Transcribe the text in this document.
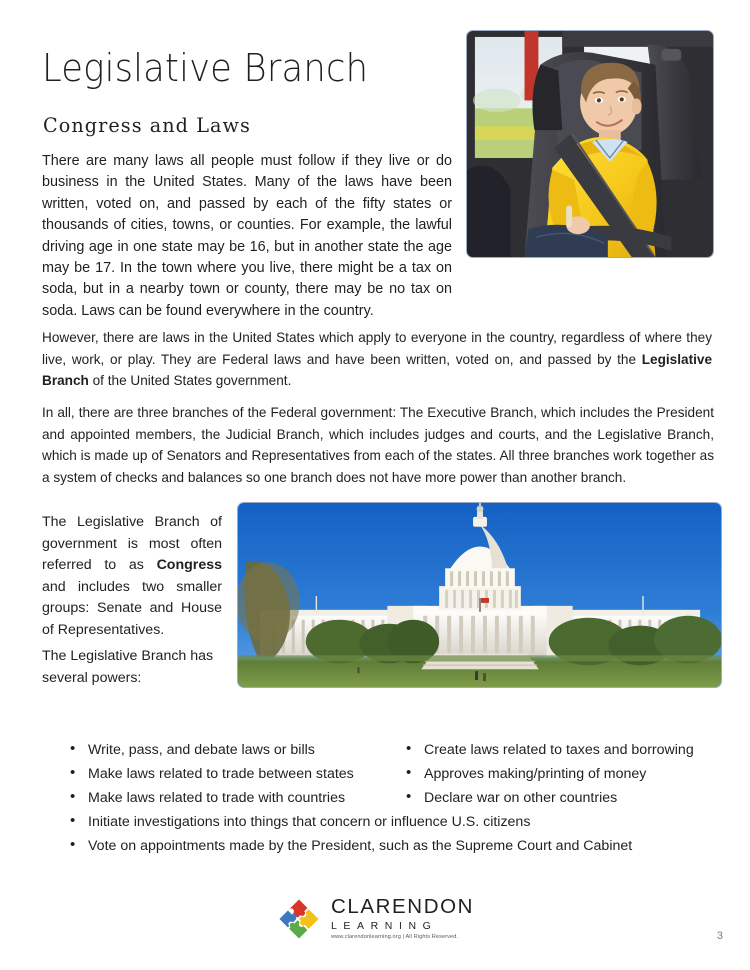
Legislative Branch
Congress and Laws
There are many laws all people must follow if they live or do business in the United States. Many of the laws have been written, voted on, and passed by each of the fifty states or thousands of cities, towns, or counties. For example, the lawful driving age in one state may be 16, but in another state the age may be 17. In the town where you live, there might be a tax on soda, but in a nearby town or county, there may be no tax on soda. Laws can be found everywhere in the country.
However, there are laws in the United States which apply to everyone in the country, regardless of where they live, work, or play. They are Federal laws and have been written, voted on, and passed by the Legislative Branch of the United States government.
In all, there are three branches of the Federal government: The Executive Branch, which includes the President and appointed members, the Judicial Branch, which includes judges and courts, and the Legislative Branch, which is made up of Senators and Representatives from each of the states. All three branches work together as a system of checks and balances so one branch does not have more power than another branch.
The Legislative Branch of government is most often referred to as Congress and includes two smaller groups: Senate and House of Representatives.
The Legislative Branch has several powers:
• Write, pass, and debate laws or bills
• Make laws related to trade between states
• Make laws related to trade with countries
• Create laws related to taxes and borrowing
• Approves making/printing of money
• Declare war on other countries
• Initiate investigations into things that concern or influence U.S. citizens
• Vote on appointments made by the President, such as the Supreme Court and Cabinet
CLARENDON
LEARNING
www.clarendonlearning.org | All Rights Reserved.	3
